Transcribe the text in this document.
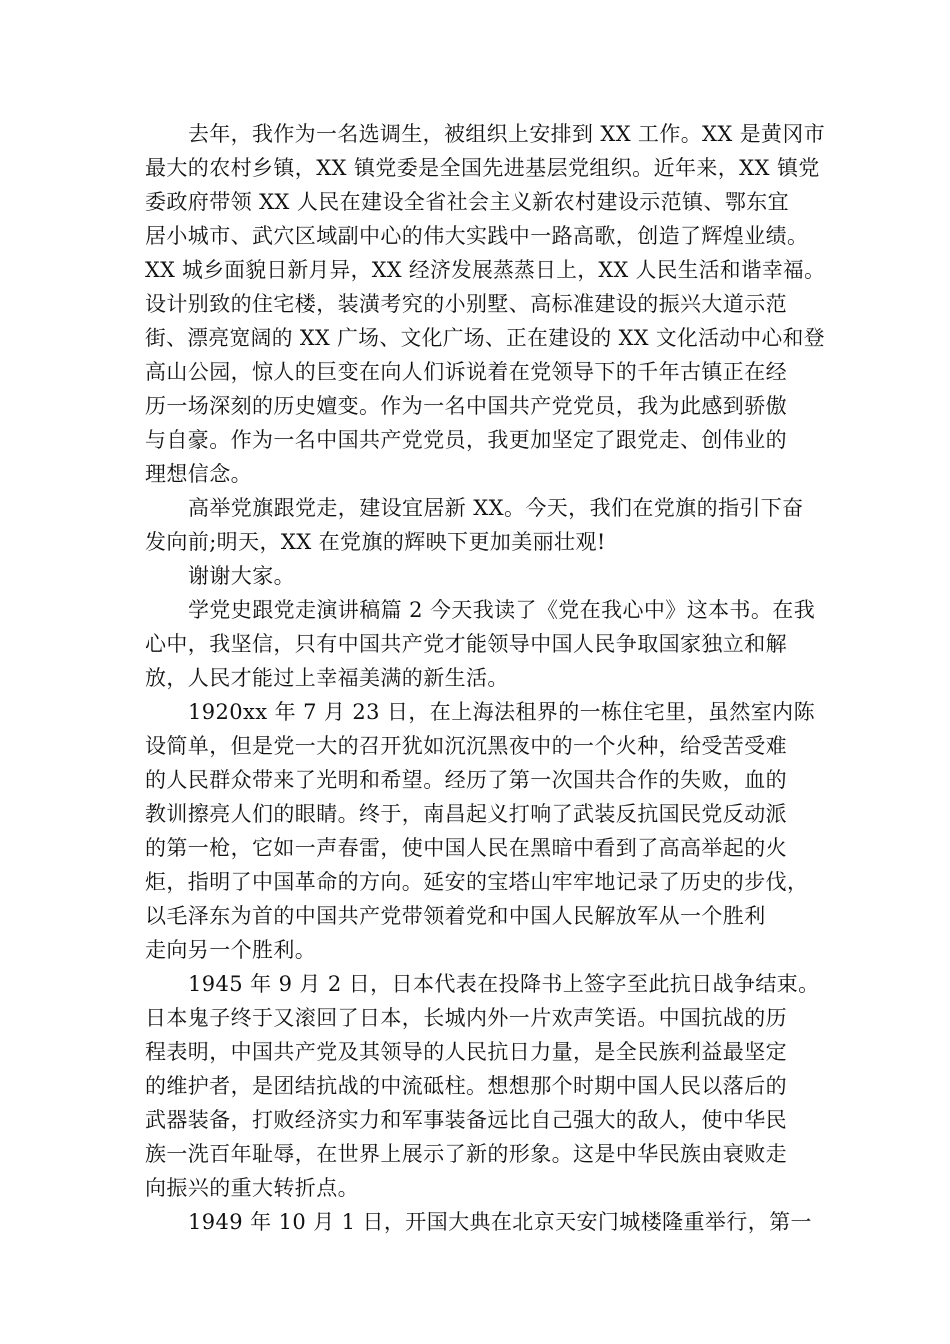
去年，我作为一名选调生，被组织上安排到 XX 工作。XX 是黄冈市
最大的农村乡镇，XX 镇党委是全国先进基层党组织。近年来，XX 镇党
委政府带领 XX 人民在建设全省社会主义新农村建设示范镇、鄂东宜
居小城市、武穴区域副中心的伟大实践中一路高歌，创造了辉煌业绩。
XX 城乡面貌日新月异，XX 经济发展蒸蒸日上，XX 人民生活和谐幸福。
设计别致的住宅楼，装潢考究的小别墅、高标准建设的振兴大道示范
街、漂亮宽阔的 XX 广场、文化广场、正在建设的 XX 文化活动中心和登
高山公园，惊人的巨变在向人们诉说着在党领导下的千年古镇正在经
历一场深刻的历史嬗变。作为一名中国共产党党员，我为此感到骄傲
与自豪。作为一名中国共产党党员，我更加坚定了跟党走、创伟业的
理想信念。
高举党旗跟党走，建设宜居新 XX。今天，我们在党旗的指引下奋
发向前;明天，XX 在党旗的辉映下更加美丽壮观!
谢谢大家。
学党史跟党走演讲稿篇 2 今天我读了《党在我心中》这本书。在我
心中，我坚信，只有中国共产党才能领导中国人民争取国家独立和解
放，人民才能过上幸福美满的新生活。
1920xx 年 7 月 23 日，在上海法租界的一栋住宅里，虽然室内陈
设简单，但是党一大的召开犹如沉沉黑夜中的一个火种，给受苦受难
的人民群众带来了光明和希望。经历了第一次国共合作的失败，血的
教训擦亮人们的眼睛。终于，南昌起义打响了武装反抗国民党反动派
的第一枪，它如一声春雷，使中国人民在黑暗中看到了高高举起的火
炬，指明了中国革命的方向。延安的宝塔山牢牢地记录了历史的步伐，
以毛泽东为首的中国共产党带领着党和中国人民解放军从一个胜利
走向另一个胜利。
1945 年 9 月 2 日，日本代表在投降书上签字至此抗日战争结束。
日本鬼子终于又滚回了日本，长城内外一片欢声笑语。中国抗战的历
程表明，中国共产党及其领导的人民抗日力量，是全民族利益最坚定
的维护者，是团结抗战的中流砥柱。想想那个时期中国人民以落后的
武器装备，打败经济实力和军事装备远比自己强大的敌人，使中华民
族一洗百年耻辱，在世界上展示了新的形象。这是中华民族由衰败走
向振兴的重大转折点。
1949 年 10 月 1 日，开国大典在北京天安门城楼隆重举行，第一
